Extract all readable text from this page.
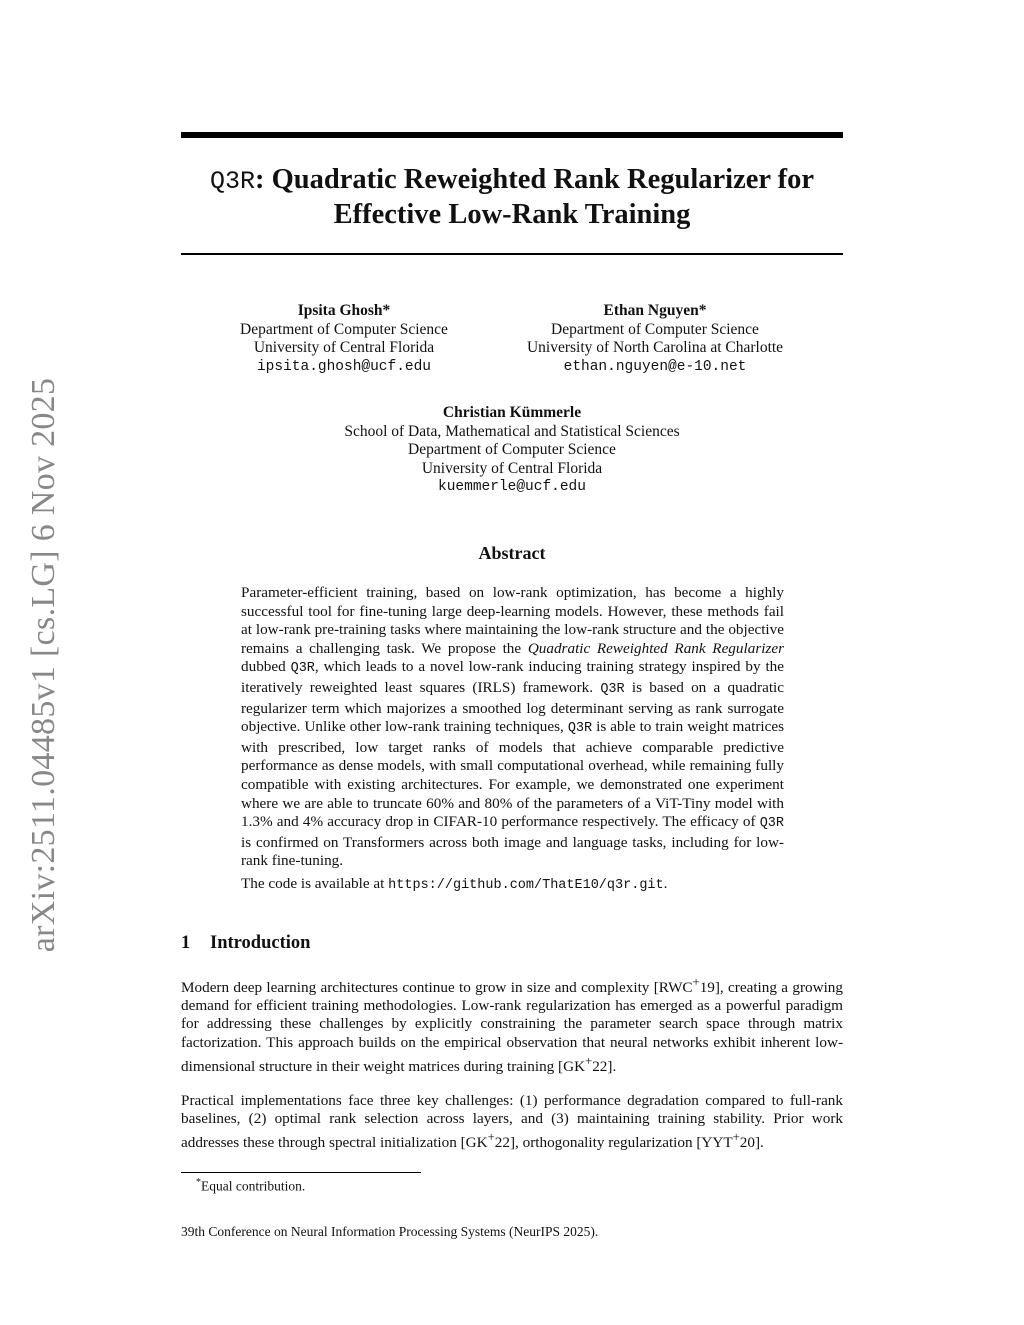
arXiv:2511.04485v1 [cs.LG] 6 Nov 2025
Q3R: Quadratic Reweighted Rank Regularizer for
Effective Low-Rank Training
Ipsita Ghosh*
Department of Computer Science
University of Central Florida
ipsita.ghosh@ucf.edu
Ethan Nguyen*
Department of Computer Science
University of North Carolina at Charlotte
ethan.nguyen@e-10.net
Christian Kümmerle
School of Data, Mathematical and Statistical Sciences
Department of Computer Science
University of Central Florida
kuemmerle@ucf.edu
Abstract

Parameter-efficient training, based on low-rank optimization, has become a highly successful tool for fine-tuning large deep-learning models. However, these methods fail at low-rank pre-training tasks where maintaining the low-rank structure and the objective remains a challenging task. We propose the Quadratic Reweighted Rank Regularizer dubbed Q3R, which leads to a novel low-rank inducing training strategy inspired by the iteratively reweighted least squares (IRLS) framework. Q3R is based on a quadratic regularizer term which majorizes a smoothed log determinant serving as rank surrogate objective. Unlike other low-rank training techniques, Q3R is able to train weight matrices with prescribed, low target ranks of models that achieve comparable predictive performance as dense models, with small computational overhead, while remaining fully compatible with existing architectures. For example, we demonstrated one experiment where we are able to truncate 60% and 80% of the parameters of a ViT-Tiny model with 1.3% and 4% accuracy drop in CIFAR-10 performance respectively. The efficacy of Q3R is confirmed on Transformers across both image and language tasks, including for low-rank fine-tuning.

The code is available at https://github.com/ThatE10/q3r.git.

1 Introduction

Modern deep learning architectures continue to grow in size and complexity [RWC+19], creating a growing demand for efficient training methodologies. Low-rank regularization has emerged as a powerful paradigm for addressing these challenges by explicitly constraining the parameter search space through matrix factorization. This approach builds on the empirical observation that neural networks exhibit inherent low-dimensional structure in their weight matrices during training [GK+22].

Practical implementations face three key challenges: (1) performance degradation compared to full-rank baselines, (2) optimal rank selection across layers, and (3) maintaining training stability. Prior work addresses these through spectral initialization [GK+22], orthogonality regularization [YYT+20].

*Equal contribution.
39th Conference on Neural Information Processing Systems (NeurIPS 2025).
